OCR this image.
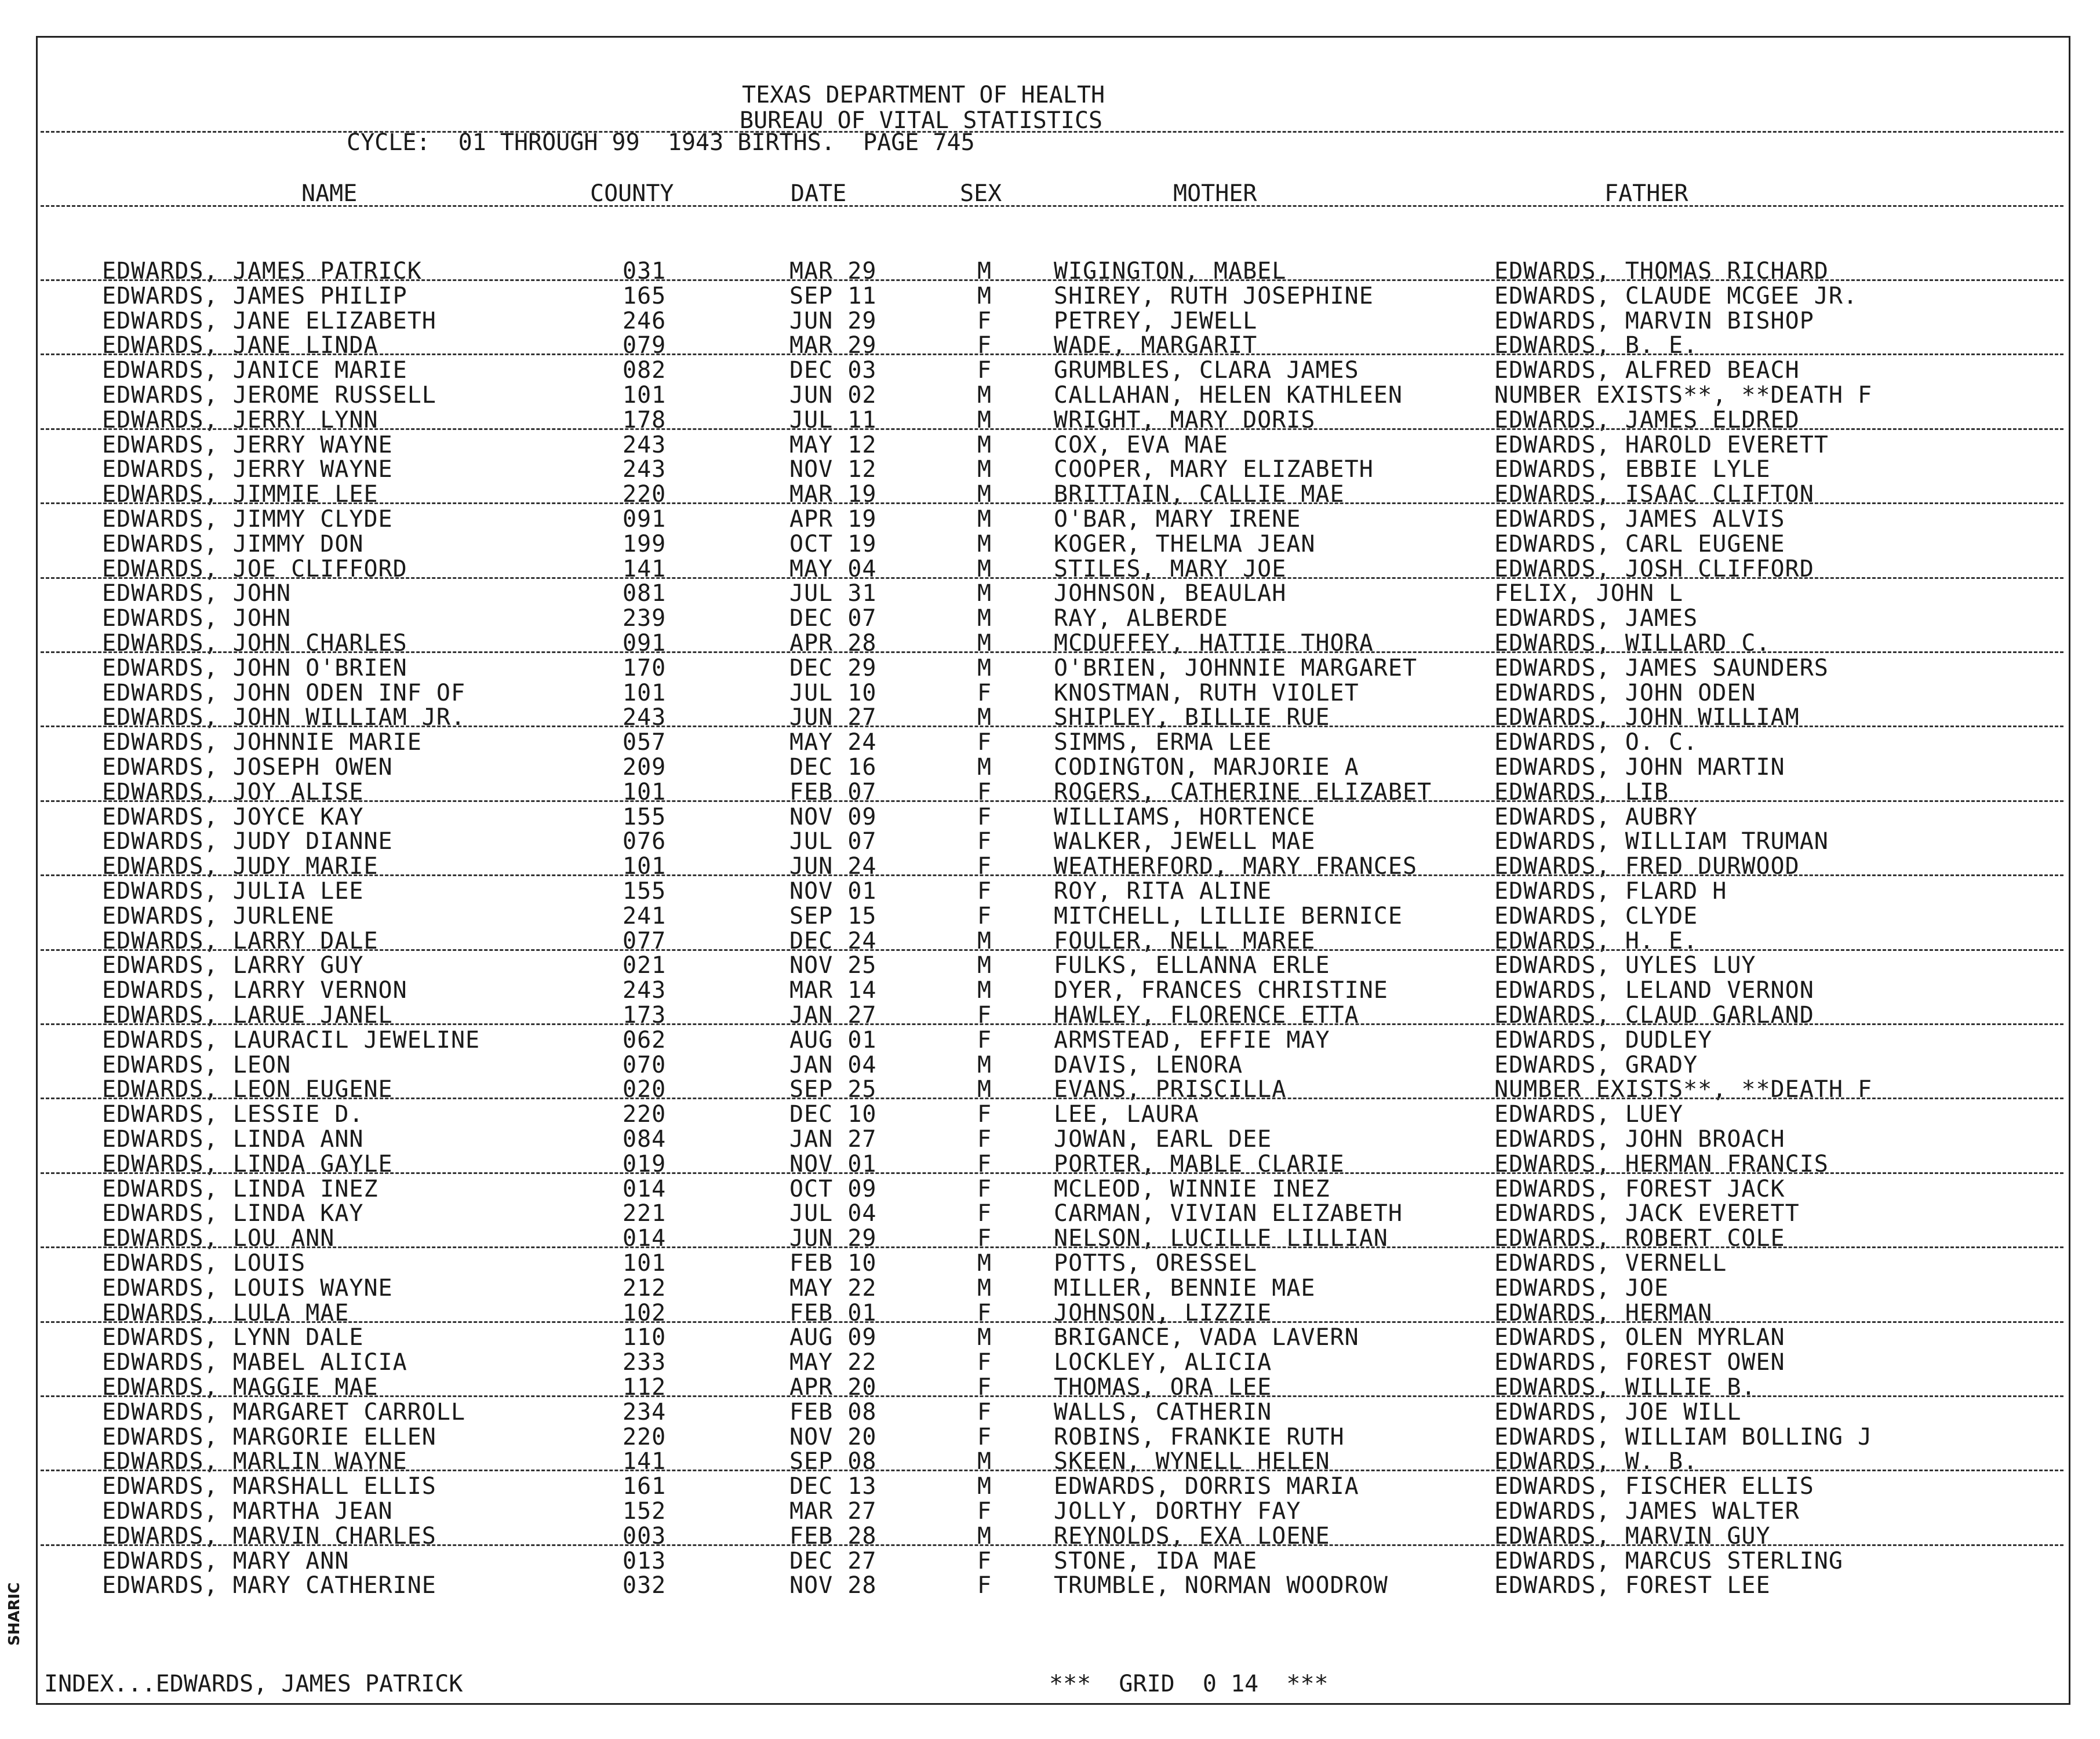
TEXAS DEPARTMENT OF HEALTH
BUREAU OF VITAL STATISTICS
CYCLE:  01 THROUGH 99  1943 BIRTHS.  PAGE 745
NAME	COUNTY	DATE	SEX	MOTHER	FATHER
EDWARDS, JAMES PATRICK	031	MAR 29	M	WIGINGTON, MABEL	EDWARDS, THOMAS RICHARD
EDWARDS, JAMES PHILIP	165	SEP 11	M	SHIREY, RUTH JOSEPHINE	EDWARDS, CLAUDE MCGEE JR.
EDWARDS, JANE ELIZABETH	246	JUN 29	F	PETREY, JEWELL	EDWARDS, MARVIN BISHOP
EDWARDS, JANE LINDA	079	MAR 29	F	WADE, MARGARIT	EDWARDS, B. E.
EDWARDS, JANICE MARIE	082	DEC 03	F	GRUMBLES, CLARA JAMES	EDWARDS, ALFRED BEACH
EDWARDS, JEROME RUSSELL	101	JUN 02	M	CALLAHAN, HELEN KATHLEEN	NUMBER EXISTS**, **DEATH F
EDWARDS, JERRY LYNN	178	JUL 11	M	WRIGHT, MARY DORIS	EDWARDS, JAMES ELDRED
EDWARDS, JERRY WAYNE	243	MAY 12	M	COX, EVA MAE	EDWARDS, HAROLD EVERETT
EDWARDS, JERRY WAYNE	243	NOV 12	M	COOPER, MARY ELIZABETH	EDWARDS, EBBIE LYLE
EDWARDS, JIMMIE LEE	220	MAR 19	M	BRITTAIN, CALLIE MAE	EDWARDS, ISAAC CLIFTON
EDWARDS, JIMMY CLYDE	091	APR 19	M	O'BAR, MARY IRENE	EDWARDS, JAMES ALVIS
EDWARDS, JIMMY DON	199	OCT 19	M	KOGER, THELMA JEAN	EDWARDS, CARL EUGENE
EDWARDS, JOE CLIFFORD	141	MAY 04	M	STILES, MARY JOE	EDWARDS, JOSH CLIFFORD
EDWARDS, JOHN	081	JUL 31	M	JOHNSON, BEAULAH	FELIX, JOHN L
EDWARDS, JOHN	239	DEC 07	M	RAY, ALBERDE	EDWARDS, JAMES
EDWARDS, JOHN CHARLES	091	APR 28	M	MCDUFFEY, HATTIE THORA	EDWARDS, WILLARD C.
EDWARDS, JOHN O'BRIEN	170	DEC 29	M	O'BRIEN, JOHNNIE MARGARET	EDWARDS, JAMES SAUNDERS
EDWARDS, JOHN ODEN INF OF	101	JUL 10	F	KNOSTMAN, RUTH VIOLET	EDWARDS, JOHN ODEN
EDWARDS, JOHN WILLIAM JR.	243	JUN 27	M	SHIPLEY, BILLIE RUE	EDWARDS, JOHN WILLIAM
EDWARDS, JOHNNIE MARIE	057	MAY 24	F	SIMMS, ERMA LEE	EDWARDS, O. C.
EDWARDS, JOSEPH OWEN	209	DEC 16	M	CODINGTON, MARJORIE A	EDWARDS, JOHN MARTIN
EDWARDS, JOY ALISE	101	FEB 07	F	ROGERS, CATHERINE ELIZABET	EDWARDS, LIB
EDWARDS, JOYCE KAY	155	NOV 09	F	WILLIAMS, HORTENCE	EDWARDS, AUBRY
EDWARDS, JUDY DIANNE	076	JUL 07	F	WALKER, JEWELL MAE	EDWARDS, WILLIAM TRUMAN
EDWARDS, JUDY MARIE	101	JUN 24	F	WEATHERFORD, MARY FRANCES	EDWARDS, FRED DURWOOD
EDWARDS, JULIA LEE	155	NOV 01	F	ROY, RITA ALINE	EDWARDS, FLARD H
EDWARDS, JURLENE	241	SEP 15	F	MITCHELL, LILLIE BERNICE	EDWARDS, CLYDE
EDWARDS, LARRY DALE	077	DEC 24	M	FOULER, NELL MAREE	EDWARDS, H. E.
EDWARDS, LARRY GUY	021	NOV 25	M	FULKS, ELLANNA ERLE	EDWARDS, UYLES LUY
EDWARDS, LARRY VERNON	243	MAR 14	M	DYER, FRANCES CHRISTINE	EDWARDS, LELAND VERNON
EDWARDS, LARUE JANEL	173	JAN 27	F	HAWLEY, FLORENCE ETTA	EDWARDS, CLAUD GARLAND
EDWARDS, LAURACIL JEWELINE	062	AUG 01	F	ARMSTEAD, EFFIE MAY	EDWARDS, DUDLEY
EDWARDS, LEON	070	JAN 04	M	DAVIS, LENORA	EDWARDS, GRADY
EDWARDS, LEON EUGENE	020	SEP 25	M	EVANS, PRISCILLA	NUMBER EXISTS**, **DEATH F
EDWARDS, LESSIE D.	220	DEC 10	F	LEE, LAURA	EDWARDS, LUEY
EDWARDS, LINDA ANN	084	JAN 27	F	JOWAN, EARL DEE	EDWARDS, JOHN BROACH
EDWARDS, LINDA GAYLE	019	NOV 01	F	PORTER, MABLE CLARIE	EDWARDS, HERMAN FRANCIS
EDWARDS, LINDA INEZ	014	OCT 09	F	MCLEOD, WINNIE INEZ	EDWARDS, FOREST JACK
EDWARDS, LINDA KAY	221	JUL 04	F	CARMAN, VIVIAN ELIZABETH	EDWARDS, JACK EVERETT
EDWARDS, LOU ANN	014	JUN 29	F	NELSON, LUCILLE LILLIAN	EDWARDS, ROBERT COLE
EDWARDS, LOUIS	101	FEB 10	M	POTTS, ORESSEL	EDWARDS, VERNELL
EDWARDS, LOUIS WAYNE	212	MAY 22	M	MILLER, BENNIE MAE	EDWARDS, JOE
EDWARDS, LULA MAE	102	FEB 01	F	JOHNSON, LIZZIE	EDWARDS, HERMAN
EDWARDS, LYNN DALE	110	AUG 09	M	BRIGANCE, VADA LAVERN	EDWARDS, OLEN MYRLAN
EDWARDS, MABEL ALICIA	233	MAY 22	F	LOCKLEY, ALICIA	EDWARDS, FOREST OWEN
EDWARDS, MAGGIE MAE	112	APR 20	F	THOMAS, ORA LEE	EDWARDS, WILLIE B.
EDWARDS, MARGARET CARROLL	234	FEB 08	F	WALLS, CATHERIN	EDWARDS, JOE WILL
EDWARDS, MARGORIE ELLEN	220	NOV 20	F	ROBINS, FRANKIE RUTH	EDWARDS, WILLIAM BOLLING J
EDWARDS, MARLIN WAYNE	141	SEP 08	M	SKEEN, WYNELL HELEN	EDWARDS, W. B.
EDWARDS, MARSHALL ELLIS	161	DEC 13	M	EDWARDS, DORRIS MARIA	EDWARDS, FISCHER ELLIS
EDWARDS, MARTHA JEAN	152	MAR 27	F	JOLLY, DORTHY FAY	EDWARDS, JAMES WALTER
EDWARDS, MARVIN CHARLES	003	FEB 28	M	REYNOLDS, EXA LOENE	EDWARDS, MARVIN GUY
EDWARDS, MARY ANN	013	DEC 27	F	STONE, IDA MAE	EDWARDS, MARCUS STERLING
EDWARDS, MARY CATHERINE	032	NOV 28	F	TRUMBLE, NORMAN WOODROW	EDWARDS, FOREST LEE
INDEX...EDWARDS, JAMES PATRICK	***  GRID  0 14  ***
SHARIC
